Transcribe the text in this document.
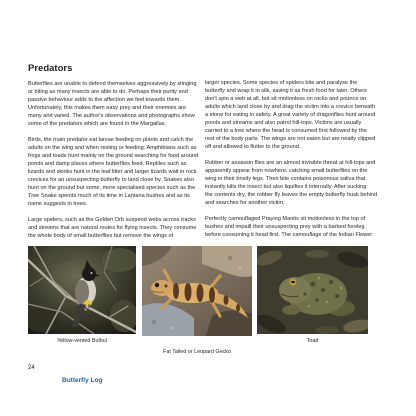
Predators
Butterflies are unable to defend themselves aggressively by stinging
or biting as many insects are able to do. Perhaps their purity and
passive behaviour adds to the affection we feel towards them.
Unfortunately, this makes them easy prey and their enemies are
many and varied. The author's observations and photographs show
some of the predators which are found in the Margallas.
Birds, the main predator eat larvae feeding on plants and catch the
adults on the wing and when resting or feeding. Amphibians such as
frogs and toads hunt mainly on the ground searching for food around
ponds and damp places where butterflies feed. Reptiles such as
lizards and skinks hunt in the leaf litter and larger lizards wait in rock
crevices for an unsuspecting butterfly to land close by. Snakes also
hunt on the ground but some, more specialised species such as the
Tree Snake spends much of its time in Lantana bushes and as its
name suggests in trees.
Large spiders, such as the Golden Orb suspend webs across tracks
and streams that are natural routes for flying insects. They consume
the whole body of small butterflies but remove the wings of
larger species. Some species of spiders bite and paralyse the
butterfly and wrap it in silk, saving it as fresh food for later. Others
don't spin a web at all, but sit motionless on rocks and pounce on
adults which land close by and drag the victim into a crevice beneath
a stone for eating in safety. A great variety of dragonflies hunt around
ponds and streams and also patrol hill-tops. Victims are usually
carried to a tree where the head is consumed first followed by the
rest of the body parts. The wings are not eaten but are neatly clipped
off and allowed to flutter to the ground.
Robber or assassin flies are an almost invisible threat at hill-tops and
apparently appear from nowhere, catching small butterflies on the
wing in their bristly legs. Their bite contains poisonous saliva that
instantly kills the insect but also liquifies it internally. After sucking
the contents dry, the robber fly leaves the empty butterfly husk behind
and searches for another victim.
Perfectly camouflaged Praying Mantis sit motionless in the top of
bushes and impaill their unsuspecting prey with a barbed foreleg
before consuming it head first. The camouflage of the Indian Flower
Yellow-vented Bulbul
Fat Tailed or Leopard Gecko
Toad
24
Butterfly Log
